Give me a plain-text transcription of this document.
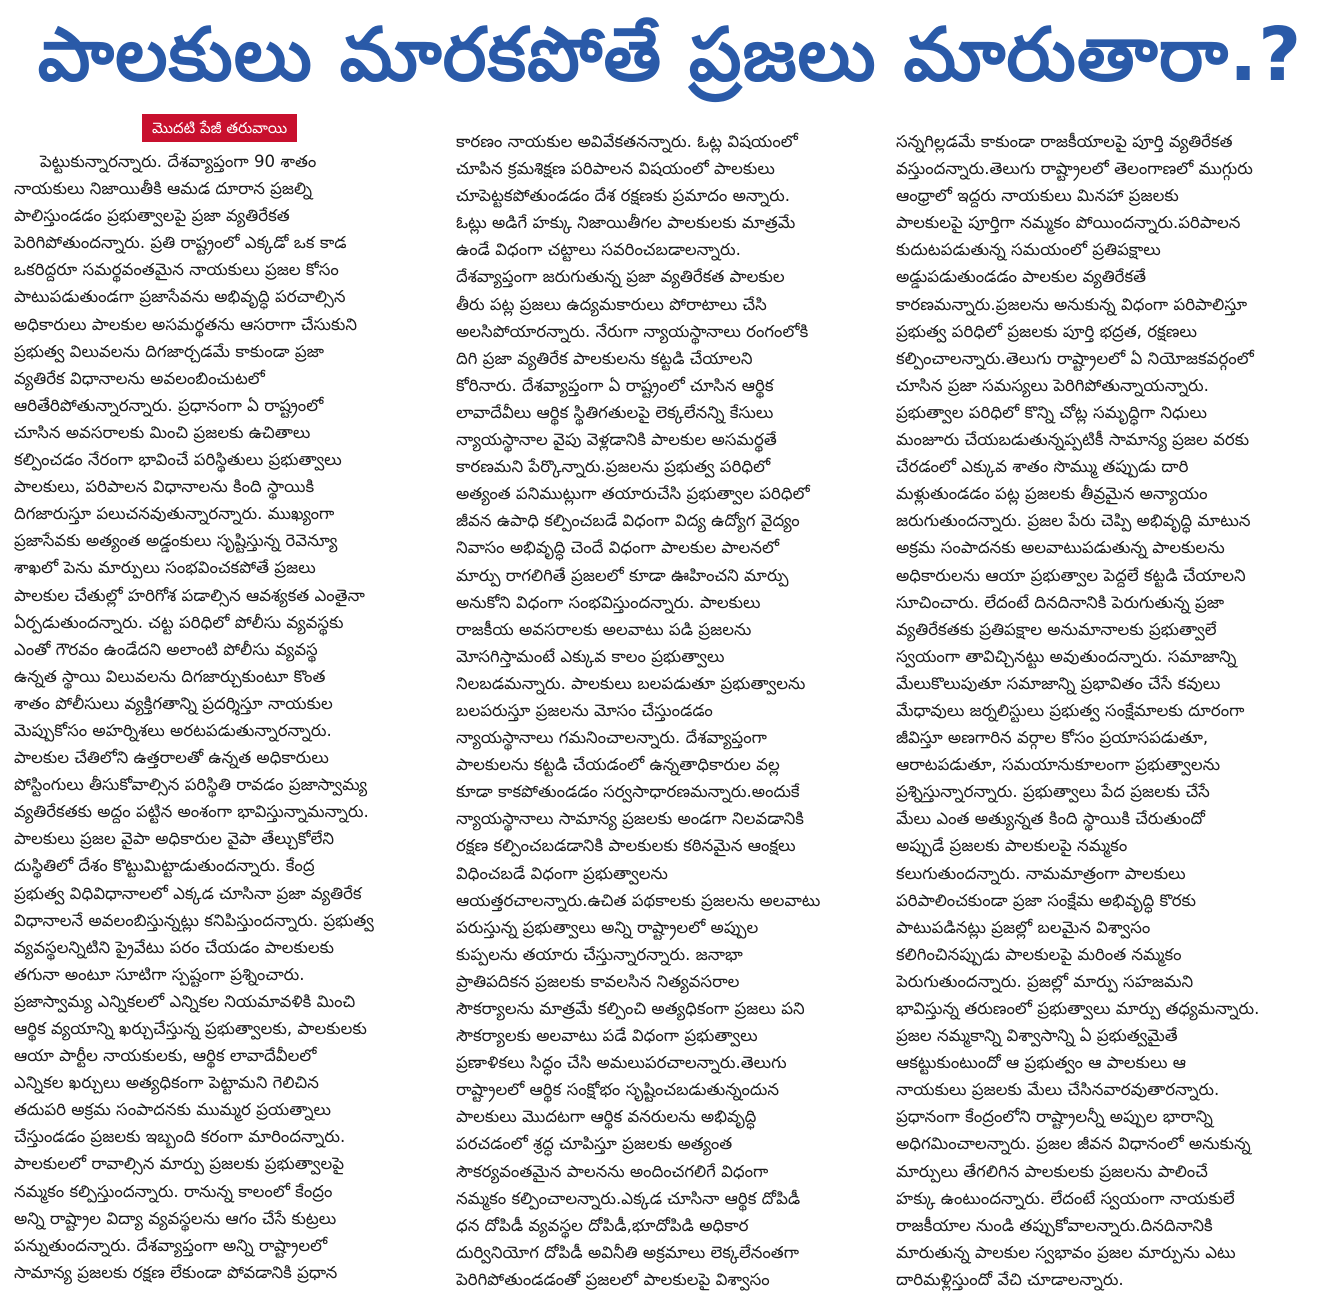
పాలకులు మారకపోతే ప్రజలు మారుతారా.?
మొదటి పేజీ తరువాయి

పెట్టుకున్నారన్నారు. దేశవ్యాప్తంగా 90 శాతం

నాయకులు నిజాయితీకి ఆమడ దూరాన ప్రజల్ని

పాలిస్తుండడం ప్రభుత్వాలపై ప్రజా వ్యతిరేకత

పెరిగిపోతుందన్నారు. ప్రతి రాష్ట్రంలో ఎక్కడో ఒక కాడ

ఒకరిద్దరూ సమర్థవంతమైన నాయకులు ప్రజల కోసం

పాటుపడుతుండగా ప్రజాసేవను అభివృద్ధి పరచాల్సిన

అధికారులు పాలకుల అసమర్థతను ఆసరాగా చేసుకుని

ప్రభుత్వ విలువలను దిగజార్చడమే కాకుండా ప్రజా

వ్యతిరేక విధానాలను అవలంబించుటలో

ఆరితేరిపోతున్నారన్నారు. ప్రధానంగా ఏ రాష్ట్రంలో

చూసిన అవసరాలకు మించి ప్రజలకు ఉచితాలు

కల్పించడం నేరంగా భావించే పరిస్థితులు ప్రభుత్వాలు

పాలకులు, పరిపాలన విధానాలను కింది స్థాయికి

దిగజారుస్తూ పలుచనవుతున్నారన్నారు. ముఖ్యంగా

ప్రజాసేవకు అత్యంత అడ్డంకులు సృష్టిస్తున్న రెవెన్యూ

శాఖలో పెను మార్పులు సంభవించకపోతే ప్రజలు

పాలకుల చేతుల్లో హరిగోశ పడాల్సిన ఆవశ్యకత ఎంతైనా

ఏర్పడుతుందన్నారు. చట్ట పరిధిలో పోలీసు వ్యవస్థకు

ఎంతో గౌరవం ఉండేదని అలాంటి పోలీసు వ్యవస్థ

ఉన్నత స్థాయి విలువలను దిగజార్చుకుంటూ కొంత

శాతం పోలీసులు వ్యక్తిగతాన్ని ప్రదర్శిస్తూ నాయకుల

మెప్పుకోసం అహర్నిశలు అరటపడుతున్నారన్నారు.

పాలకుల చేతిలోని ఉత్తరాలతో ఉన్నత అధికారులు

పోస్టింగులు తీసుకోవాల్సిన పరిస్థితి రావడం ప్రజాస్వామ్య

వ్యతిరేకతకు అద్దం పట్టిన అంశంగా భావిస్తున్నామన్నారు.

పాలకులు ప్రజల వైపా అధికారుల వైపా తేల్చుకోలేని

దుస్థితిలో దేశం కొట్టుమిట్టాడుతుందన్నారు. కేంద్ర

ప్రభుత్వ విధివిధానాలలో ఎక్కడ చూసినా ప్రజా వ్యతిరేక

విధానాలనే అవలంబిస్తున్నట్లు కనిపిస్తుందన్నారు. ప్రభుత్వ

వ్యవస్థలన్నిటిని ప్రైవేటు పరం చేయడం పాలకులకు

తగునా అంటూ సూటిగా స్పష్టంగా ప్రశ్నించారు.

ప్రజాస్వామ్య ఎన్నికలలో ఎన్నికల నియమావళికి మించి

ఆర్థిక వ్యయాన్ని ఖర్చుచేస్తున్న ప్రభుత్వాలకు, పాలకులకు

ఆయా పార్టీల నాయకులకు, ఆర్థిక లావాదేవీలలో

ఎన్నికల ఖర్చులు అత్యధికంగా పెట్టామని గెలిచిన

తదుపరి అక్రమ సంపాదనకు ముమ్మర ప్రయత్నాలు

చేస్తుండడం ప్రజలకు ఇబ్బంది కరంగా మారిందన్నారు.

పాలకులలో రావాల్సిన మార్పు ప్రజలకు ప్రభుత్వాలపై

నమ్మకం కల్పిస్తుందన్నారు. రానున్న కాలంలో కేంద్రం

అన్ని రాష్ట్రాల విద్యా వ్యవస్థలను ఆగం చేసే కుట్రలు

పన్నుతుందన్నారు. దేశవ్యాప్తంగా అన్ని రాష్ట్రాలలో

సామాన్య ప్రజలకు రక్షణ లేకుండా పోవడానికి ప్రధాన

కారణం నాయకుల అవివేకతనన్నారు. ఓట్ల విషయంలో

చూపిన క్రమశిక్షణ పరిపాలన విషయంలో పాలకులు

చూపెట్టకపోతుండడం దేశ రక్షణకు ప్రమాదం అన్నారు.

ఓట్లు అడిగే హక్కు నిజాయితీగల పాలకులకు మాత్రమే

ఉండే విధంగా చట్టాలు సవరించబడాలన్నారు.

దేశవ్యాప్తంగా జరుగుతున్న ప్రజా వ్యతిరేకత పాలకుల

తీరు పట్ల ప్రజలు ఉద్యమకారులు పోరాటాలు చేసి

అలసిపోయారన్నారు. నేరుగా న్యాయస్థానాలు రంగంలోకి

దిగి ప్రజా వ్యతిరేక పాలకులను కట్టడి చేయాలని

కోరినారు. దేశవ్యాప్తంగా ఏ రాష్ట్రంలో చూసిన ఆర్థిక

లావాదేవీలు ఆర్థిక స్థితిగతులపై లెక్కలేనన్ని కేసులు

న్యాయస్థానాల వైపు వెళ్లడానికి పాలకుల అసమర్థతే

కారణమని పేర్కొన్నారు.ప్రజలను ప్రభుత్వ పరిధిలో

అత్యంత పనిముట్లుగా తయారుచేసి ప్రభుత్వాల పరిధిలో

జీవన ఉపాధి కల్పించబడే విధంగా విద్య ఉద్యోగ వైద్యం

నివాసం అభివృద్ధి చెందే విధంగా పాలకుల పాలనలో

మార్పు రాగలిగితే ప్రజలలో కూడా ఊహించని మార్పు

అనుకోని విధంగా సంభవిస్తుందన్నారు. పాలకులు

రాజకీయ అవసరాలకు అలవాటు పడి ప్రజలను

మోసగిస్తామంటే ఎక్కువ కాలం ప్రభుత్వాలు

నిలబడమన్నారు. పాలకులు బలపడుతూ ప్రభుత్వాలను

బలపరుస్తూ ప్రజలను మోసం చేస్తుండడం

న్యాయస్థానాలు గమనించాలన్నారు. దేశవ్యాప్తంగా

పాలకులను కట్టడి చేయడంలో ఉన్నతాధికారుల వల్ల

కూడా కాకపోతుండడం సర్వసాధారణమన్నారు.అందుకే

న్యాయస్థానాలు సామాన్య ప్రజలకు అండగా నిలవడానికి

రక్షణ కల్పించబడడానికి పాలకులకు కఠినమైన ఆంక్షలు

విధించబడే విధంగా ప్రభుత్వాలను

ఆయత్తరచాలన్నారు.ఉచిత పథకాలకు ప్రజలను అలవాటు

పరుస్తున్న ప్రభుత్వాలు అన్ని రాష్ట్రాలలో అప్పుల

కుప్పలను తయారు చేస్తున్నారన్నారు. జనాభా

ప్రాతిపదికన ప్రజలకు కావలసిన నిత్యవసరాల

సౌకర్యాలను మాత్రమే కల్పించి అత్యధికంగా ప్రజలు పని

సౌకర్యాలకు అలవాటు పడే విధంగా ప్రభుత్వాలు

ప్రణాళికలు సిద్ధం చేసి అమలుపరచాలన్నారు.తెలుగు

రాష్ట్రాలలో ఆర్థిక సంక్షోభం సృష్టించబడుతున్నందున

పాలకులు మొదటగా ఆర్థిక వనరులను అభివృద్ధి

పరచడంలో శ్రద్ధ చూపిస్తూ ప్రజలకు అత్యంత

సౌకర్యవంతమైన పాలనను అందించగలిగే విధంగా

నమ్మకం కల్పించాలన్నారు.ఎక్కడ చూసినా ఆర్థిక దోపిడీ

ధన దోపిడీ వ్యవస్థల దోపిడీ,భూదోపిడి అధికార

దుర్వినియోగ దోపిడీ అవినీతి అక్రమాలు లెక్కలేనంతగా

పెరిగిపోతుండడంతో ప్రజలలో పాలకులపై విశ్వాసం

సన్నగిల్లడమే కాకుండా రాజకీయాలపై పూర్తి వ్యతిరేకత

వస్తుందన్నారు.తెలుగు రాష్ట్రాలలో తెలంగాణలో ముగ్గురు

ఆంధ్రాలో ఇద్దరు నాయకులు మినహా ప్రజలకు

పాలకులపై పూర్తిగా నమ్మకం పోయిందన్నారు.పరిపాలన

కుదుటపడుతున్న సమయంలో ప్రతిపక్షాలు

అడ్డుపడుతుండడం పాలకుల వ్యతిరేకతే

కారణమన్నారు.ప్రజలను అనుకున్న విధంగా పరిపాలిస్తూ

ప్రభుత్వ పరిధిలో ప్రజలకు పూర్తి భద్రత, రక్షణలు

కల్పించాలన్నారు.తెలుగు రాష్ట్రాలలో ఏ నియోజకవర్గంలో

చూసిన ప్రజా సమస్యలు పెరిగిపోతున్నాయన్నారు.

ప్రభుత్వాల పరిధిలో కొన్ని చోట్ల సమృద్ధిగా నిధులు

మంజూరు చేయబడుతున్నప్పటికీ సామాన్య ప్రజల వరకు

చేరడంలో ఎక్కువ శాతం సొమ్ము తప్పుడు దారి

మళ్లుతుండడం పట్ల ప్రజలకు తీవ్రమైన అన్యాయం

జరుగుతుందన్నారు. ప్రజల పేరు చెప్పి అభివృద్ధి మాటున

అక్రమ సంపాదనకు అలవాటుపడుతున్న పాలకులను

అధికారులను ఆయా ప్రభుత్వాల పెద్దలే కట్టడి చేయాలని

సూచించారు. లేదంటే దినదినానికి పెరుగుతున్న ప్రజా

వ్యతిరేకతకు ప్రతిపక్షాల అనుమానాలకు ప్రభుత్వాలే

స్వయంగా తావిచ్చినట్టు అవుతుందన్నారు. సమాజాన్ని

మేలుకొలుపుతూ సమాజాన్ని ప్రభావితం చేసే కవులు

మేధావులు జర్నలిస్టులు ప్రభుత్వ సంక్షేమాలకు దూరంగా

జీవిస్తూ అణగారిన వర్గాల కోసం ప్రయాసపడుతూ,

ఆరాటపడుతూ, సమయానుకూలంగా ప్రభుత్వాలను

ప్రశ్నిస్తున్నారన్నారు. ప్రభుత్వాలు పేద ప్రజలకు చేసే

మేలు ఎంత అత్యున్నత కింది స్థాయికి చేరుతుందో

అప్పుడే ప్రజలకు పాలకులపై నమ్మకం

కలుగుతుందన్నారు. నామమాత్రంగా పాలకులు

పరిపాలించకుండా ప్రజా సంక్షేమ అభివృద్ధి కొరకు

పాటుపడినట్లు ప్రజల్లో బలమైన విశ్వాసం

కలిగించినప్పుడు పాలకులపై మరింత నమ్మకం

పెరుగుతుందన్నారు. ప్రజల్లో మార్పు సహజమని

భావిస్తున్న తరుణంలో ప్రభుత్వాలు మార్పు తధ్యమన్నారు.

ప్రజల నమ్మకాన్ని విశ్వాసాన్ని ఏ ప్రభుత్వమైతే

ఆకట్టుకుంటుందో ఆ ప్రభుత్వం ఆ పాలకులు ఆ

నాయకులు ప్రజలకు మేలు చేసినవారవుతారన్నారు.

ప్రధానంగా కేంద్రంలోని రాష్ట్రాలన్నీ అప్పుల భారాన్ని

అధిగమించాలన్నారు. ప్రజల జీవన విధానంలో అనుకున్న

మార్పులు తేగలిగిన పాలకులకు ప్రజలను పాలించే

హక్కు ఉంటుందన్నారు. లేదంటే స్వయంగా నాయకులే

రాజకీయాల నుండి తప్పుకోవాలన్నారు.దినదినానికి

మారుతున్న పాలకుల స్వభావం ప్రజల మార్పును ఎటు

దారిమళ్లిస్తుందో వేచి చూడాలన్నారు.
